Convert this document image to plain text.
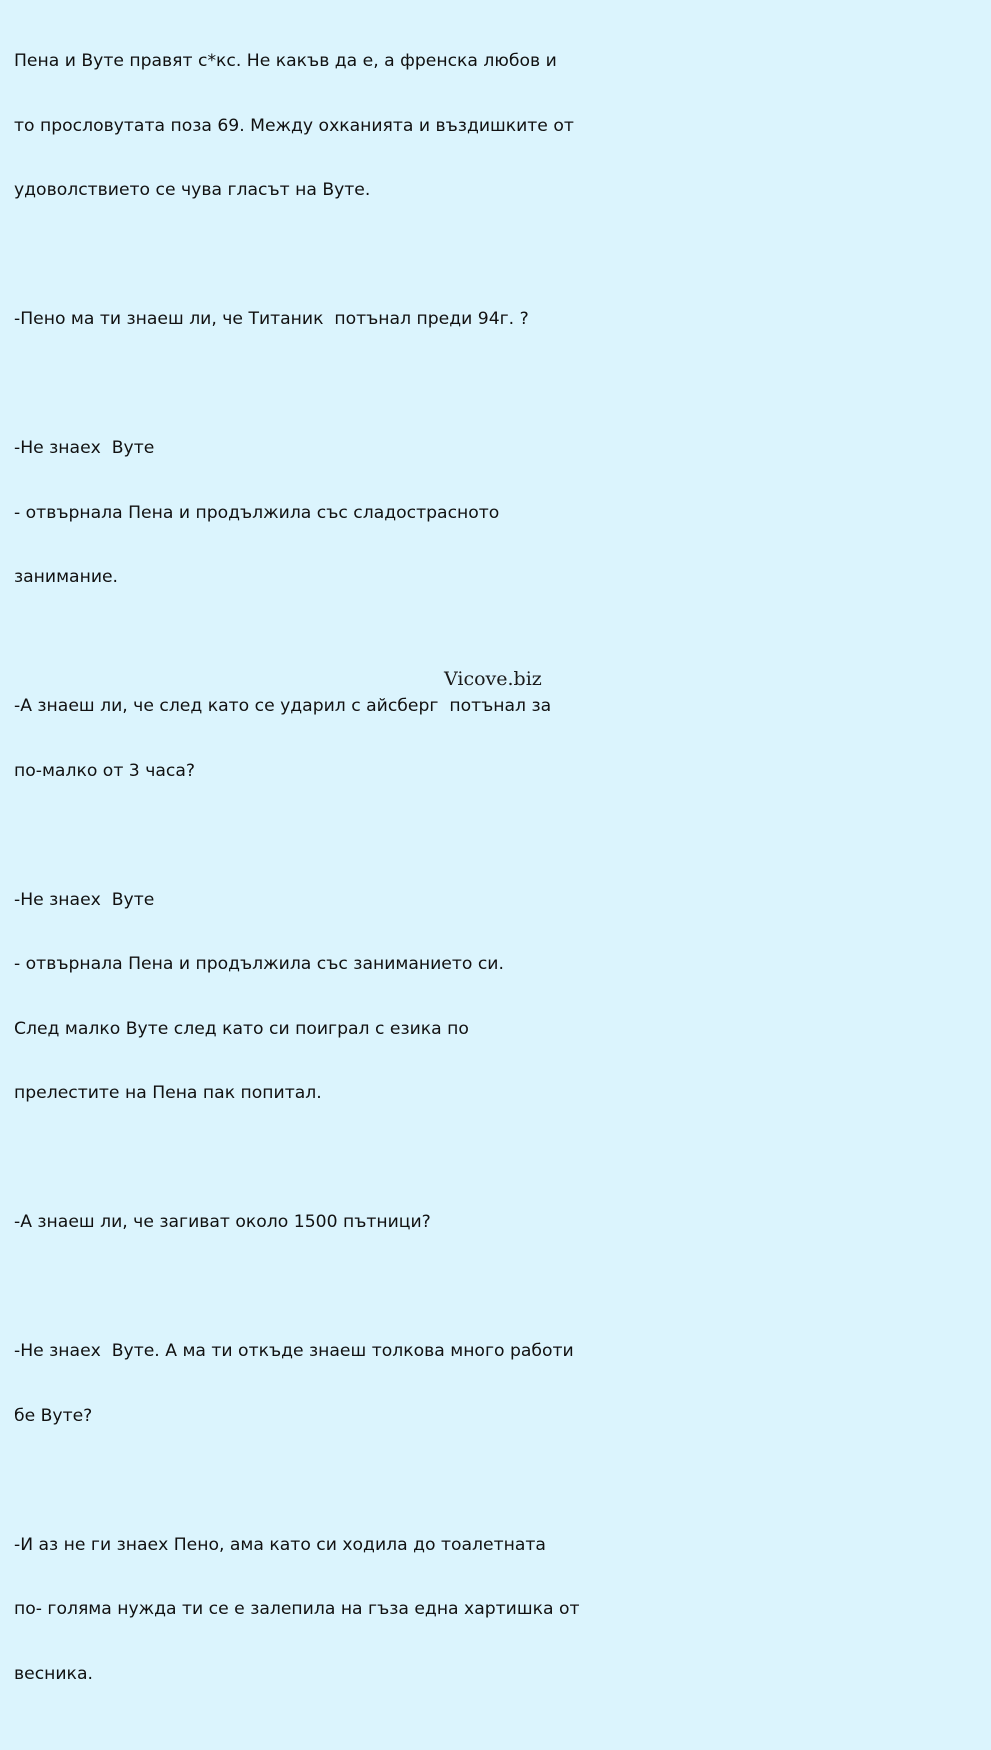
Пена и Вуте правят с*кс. Не какъв да е, а френска любов и

то прословутата поза 69. Между охканията и въздишките от

удоволствието се чува гласът на Вуте.

-Пено ма ти знаеш ли, че Титаник  потънал преди 94г. ?

-Не знаех  Вуте

- отвърнала Пена и продължила със сладострасното

занимание.

-А знаеш ли, че след като се ударил с айсберг  потънал за

по-малко от 3 часа?

-Не знаех  Вуте

- отвърнала Пена и продължила със заниманието си.

След малко Вуте след като си поиграл с езика по

прелестите на Пена пак попитал.

-А знаеш ли, че загиват около 1500 пътници?

-Не знаех  Вуте. А ма ти откъде знаеш толкова много работи

бе Вуте?

-И аз не ги знаех Пено, ама като си ходила до тоалетната

по- голяма нужда ти се е залепила на гъза една хартишка от

весника.

Vicove.biz
